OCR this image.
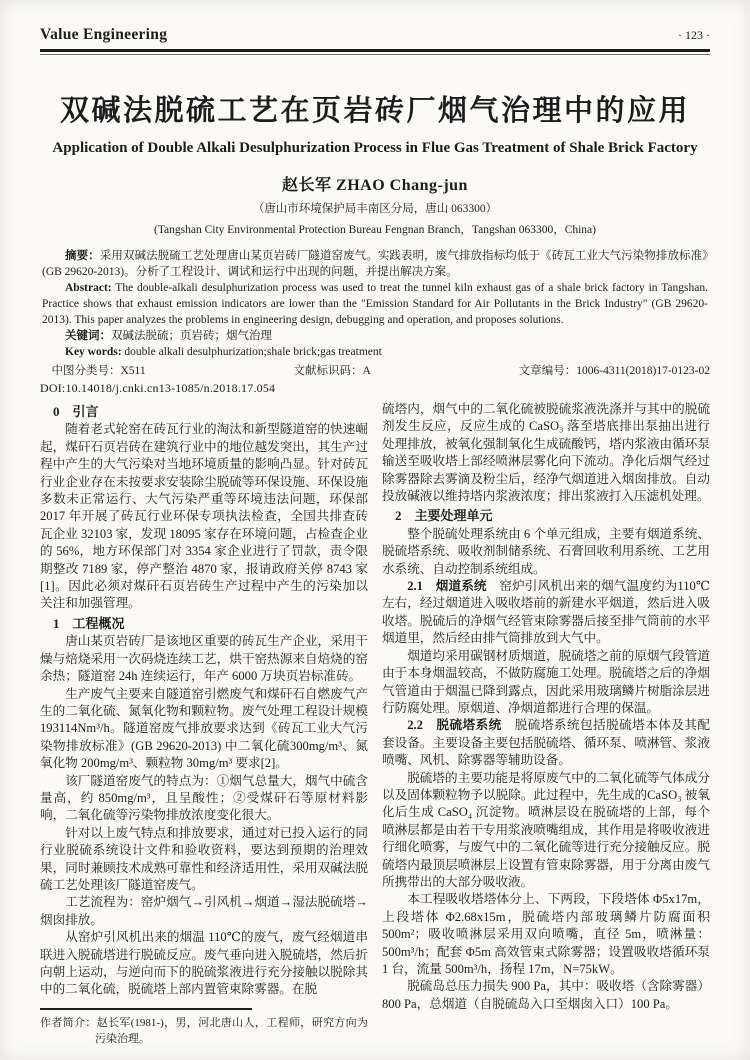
Value Engineering	· 123 ·
双碱法脱硫工艺在页岩砖厂烟气治理中的应用
Application of Double Alkali Desulphurization Process in Flue Gas Treatment of Shale Brick Factory
赵长军 ZHAO Chang-jun
（唐山市环境保护局丰南区分局，唐山 063300）
(Tangshan City Environmental Protection Bureau Fengnan Branch，Tangshan 063300，China)

摘要：采用双碱法脱硫工艺处理唐山某页岩砖厂隧道窑废气。实践表明，废气排放指标均低于《砖瓦工业大气污染物排放标准》(GB 29620-2013)。分析了工程设计、调试和运行中出现的问题，并提出解决方案。

Abstract: The double-alkali desulphurization process was used to treat the tunnel kiln exhaust gas of a shale brick factory in Tangshan. Practice shows that exhaust emission indicators are lower than the "Emission Standard for Air Pollutants in the Brick Industry" (GB 29620-2013). This paper analyzes the problems in engineering design, debugging and operation, and proposes solutions.

关键词：双碱法脱硫；页岩砖；烟气治理

Key words: double alkali desulphurization;shale brick;gas treatment

中图分类号：X511	文献标识码：A	文章编号：1006-4311(2018)17-0123-02
DOI:10.14018/j.cnki.cn13-1085/n.2018.17.054
0　引言
随着老式轮窑在砖瓦行业的淘汰和新型隧道窑的快速崛起，煤矸石页岩砖在建筑行业中的地位越发突出，其生产过程中产生的大气污染对当地环境质量的影响凸显。针对砖瓦行业企业存在未按要求安装除尘脱硫等环保设施、环保设施多数未正常运行、大气污染严重等环境违法问题，环保部 2017 年开展了砖瓦行业环保专项执法检查，全国共排查砖瓦企业 32103 家，发现 18095 家存在环境问题，占检查企业的 56%，地方环保部门对 3354 家企业进行了罚款，责令限期整改 7189 家，停产整治 4870 家，报请政府关停 8743 家[1]。因此必须对煤矸石页岩砖生产过程中产生的污染加以关注和加强管理。
1　工程概况
唐山某页岩砖厂是该地区重要的砖瓦生产企业，采用干燥与焙烧采用一次码烧连续工艺，烘干窑热源来自焙烧的窑余热；隧道窑 24h 连续运行，年产 6000 万块页岩标准砖。
生产废气主要来自隧道窑引燃废气和煤矸石自燃废气产生的二氧化硫、氮氧化物和颗粒物。废气处理工程设计规模 193114Nm³/h。隧道窑废气排放要求达到《砖瓦工业大气污染物排放标准》(GB 29620-2013) 中二氧化硫300mg/m³、氮氧化物 200mg/m³、颗粒物 30mg/m³ 要求[2]。
该厂隧道窑废气的特点为：①烟气总量大，烟气中硫含量高，约 850mg/m³，且呈酸性；②受煤矸石等原材料影响，二氧化硫等污染物排放浓度变化很大。
针对以上废气特点和排放要求，通过对已投入运行的同行业脱硫系统设计文件和验收资料，要达到预期的治理效果，同时兼顾技术成熟可靠性和经济适用性，采用双碱法脱硫工艺处理该厂隧道窑废气。
工艺流程为：窑炉烟气→引风机→烟道→湿法脱硫塔→烟囱排放。
从窑炉引风机出来的烟温 110℃的废气，废气经烟道串联进入脱硫塔进行脱硫反应。废气垂向进入脱硫塔，然后折向朝上运动，与逆向而下的脱硫浆液进行充分接触以脱除其中的二氧化硫，脱硫塔上部内置管束除雾器。在脱
作者简介：赵长军(1981-)，男，河北唐山人，工程师，研究方向为污染治理。
硫塔内，烟气中的二氧化硫被脱硫浆液洗涤并与其中的脱硫剂发生反应，反应生成的 CaSO₃ 落至塔底排出泵抽出进行处理排放，被氧化强制氧化生成硫酸钙，塔内浆液由循环泵输送至吸收塔上部经喷淋层雾化向下流动。净化后烟气经过除雾器除去雾滴及粉尘后，经净气烟道进入烟囱排放。自动投放碱液以维持塔内浆液浓度；排出浆液打入压滤机处理。
2　主要处理单元
整个脱硫处理系统由 6 个单元组成，主要有烟道系统、脱硫塔系统、吸收剂制储系统、石膏回收利用系统、工艺用水系统、自动控制系统组成。
2.1　烟道系统　窑炉引风机出来的烟气温度约为110℃左右，经过烟道进入吸收塔前的新建水平烟道，然后进入吸收塔。脱硫后的净烟气经管束除雾器后接至排气筒前的水平烟道里，然后经由排气筒排放到大气中。
烟道均采用碳钢材质烟道，脱硫塔之前的原烟气段管道由于本身烟温较高，不做防腐施工处理。脱硫塔之后的净烟气管道由于烟温已降到露点，因此采用玻璃鳞片树脂涂层进行防腐处理。原烟道、净烟道都进行合理的保温。
2.2　脱硫塔系统　脱硫塔系统包括脱硫塔本体及其配套设备。主要设备主要包括脱硫塔、循环泵、喷淋管、浆液喷嘴、风机、除雾器等辅助设备。
脱硫塔的主要功能是将原废气中的二氧化硫等气体成分以及固体颗粒物予以脱除。此过程中，先生成的CaSO₃ 被氧化后生成 CaSO₄ 沉淀物。喷淋层设在脱硫塔的上部，每个喷淋层都是由若干专用浆液喷嘴组成，其作用是将吸收液进行细化喷雾，与废气中的二氧化硫等进行充分接触反应。脱硫塔内最顶层喷淋层上设置有管束除雾器，用于分离由废气所携带出的大部分吸收液。
本工程吸收塔塔体分上、下两段，下段塔体 Φ5x17m，上段塔体 Φ2.68x15m，脱硫塔内部玻璃鳞片防腐面积500m²；吸收喷淋层采用双向喷嘴，直径 5m，喷淋量：500m³/h；配套 Φ5m 高效管束式除雾器；设置吸收塔循环泵 1 台，流量 500m³/h，扬程 17m，N=75kW。
脱硫岛总压力损失 900 Pa，其中：吸收塔（含除雾器）800 Pa，总烟道（自脱硫岛入口至烟囱入口）100 Pa。
